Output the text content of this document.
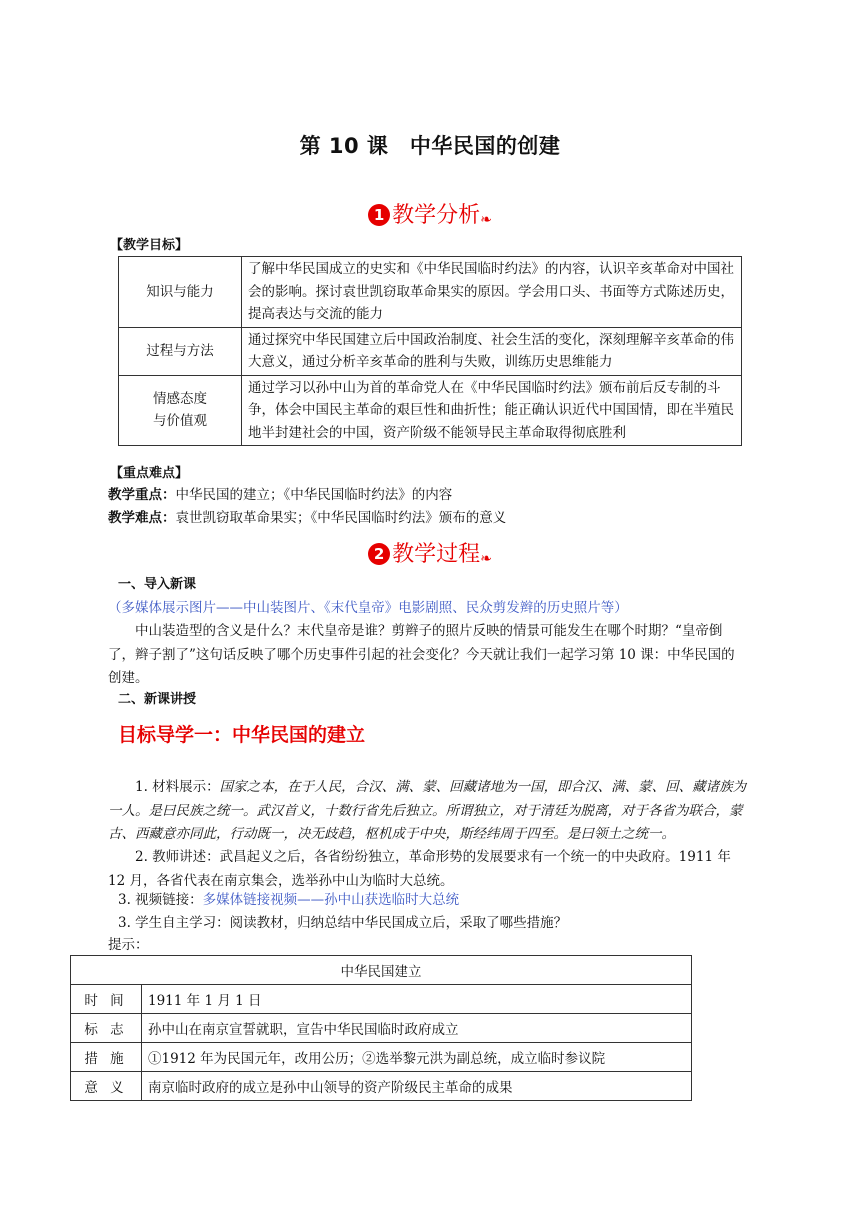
第 10 课　中华民国的创建
1 教学分析❧
【教学目标】
知识与能力	了解中华民国成立的史实和《中华民国临时约法》的内容，认识辛亥革命对中国社会的影响。探讨袁世凯窃取革命果实的原因。学会用口头、书面等方式陈述历史，提高表达与交流的能力
过程与方法	通过探究中华民国建立后中国政治制度、社会生活的变化，深刻理解辛亥革命的伟大意义，通过分析辛亥革命的胜利与失败，训练历史思维能力
情感态度
与价值观	通过学习以孙中山为首的革命党人在《中华民国临时约法》颁布前后反专制的斗争，体会中国民主革命的艰巨性和曲折性；能正确认识近代中国国情，即在半殖民地半封建社会的中国，资产阶级不能领导民主革命取得彻底胜利
【重点难点】
教学重点：中华民国的建立；《中华民国临时约法》的内容
教学难点：袁世凯窃取革命果实；《中华民国临时约法》颁布的意义
2 教学过程❧
一、导入新课
（多媒体展示图片——中山装图片、《末代皇帝》电影剧照、民众剪发辫的历史照片等）
中山装造型的含义是什么？末代皇帝是谁？剪辫子的照片反映的情景可能发生在哪个时期？“皇帝倒了，辫子割了”这句话反映了哪个历史事件引起的社会变化？今天就让我们一起学习第 10 课：中华民国的创建。
二、新课讲授
目标导学一：中华民国的建立
1. 材料展示：国家之本，在于人民，合汉、满、蒙、回藏诸地为一国，即合汉、满、蒙、回、藏诸族为一人。是曰民族之统一。武汉首义，十数行省先后独立。所谓独立，对于清廷为脱离，对于各省为联合，蒙古、西藏意亦同此，行动既一，决无歧趋，枢机成于中央，斯经纬周于四至。是曰领土之统一。
2. 教师讲述：武昌起义之后，各省纷纷独立，革命形势的发展要求有一个统一的中央政府。1911 年 12 月，各省代表在南京集会，选举孙中山为临时大总统。
3. 视频链接：多媒体链接视频——孙中山获选临时大总统
3. 学生自主学习：阅读教材，归纳总结中华民国成立后，采取了哪些措施？
提示：
中华民国建立	
时 间	1911 年 1 月 1 日
标 志	孙中山在南京宣誓就职，宣告中华民国临时政府成立
措 施	①1912 年为民国元年，改用公历；②选举黎元洪为副总统，成立临时参议院
意 义	南京临时政府的成立是孙中山领导的资产阶级民主革命的成果
